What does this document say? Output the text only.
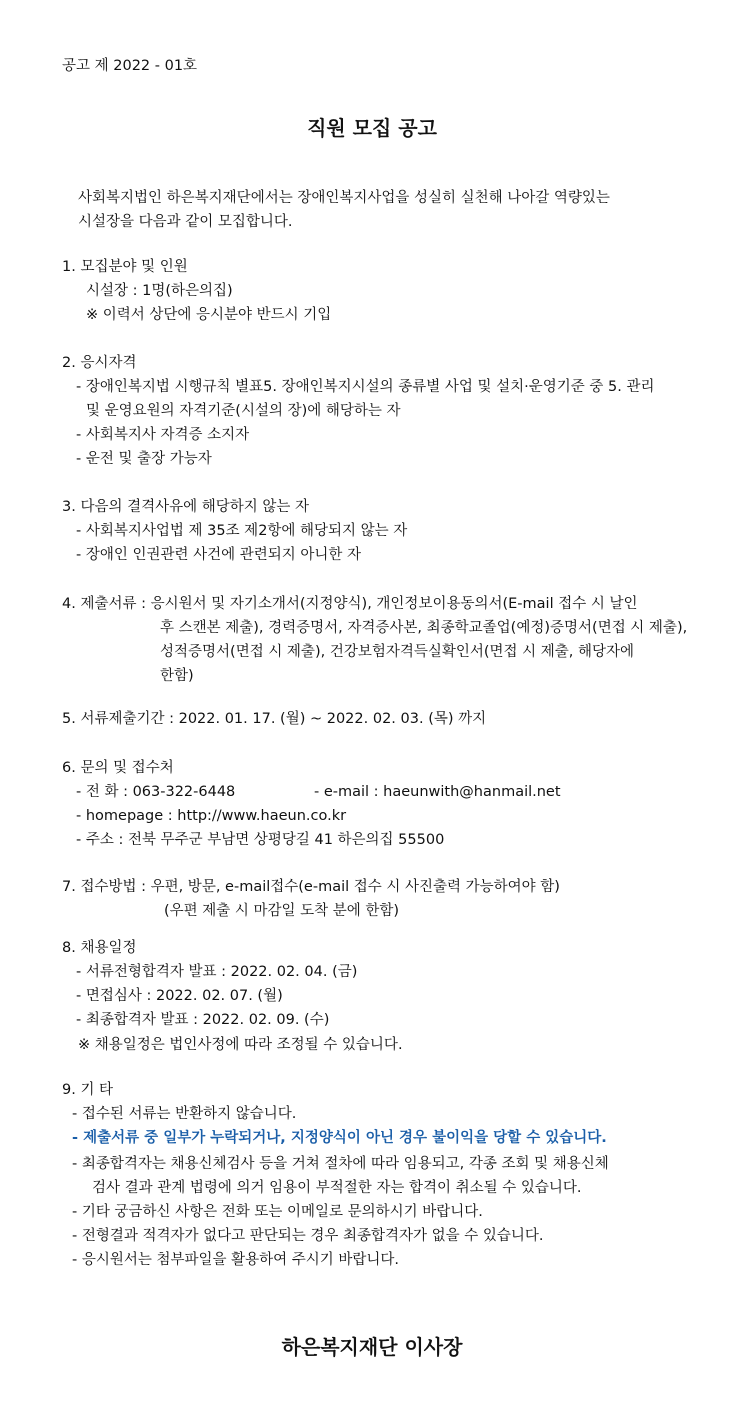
공고 제 2022 - 01호
직원 모집 공고
사회복지법인 하은복지재단에서는 장애인복지사업을 성실히 실천해 나아갈 역량있는
시설장을 다음과 같이 모집합니다.
1. 모집분야 및 인원
시설장 : 1명(하은의집)
※ 이력서 상단에 응시분야 반드시 기입
2. 응시자격
- 장애인복지법 시행규칙 별표5. 장애인복지시설의 종류별 사업 및 설치·운영기준 중 5. 관리
및 운영요원의 자격기준(시설의 장)에 해당하는 자
- 사회복지사 자격증 소지자
- 운전 및 출장 가능자
3. 다음의 결격사유에 해당하지 않는 자
- 사회복지사업법 제 35조 제2항에 해당되지 않는 자
- 장애인 인권관련 사건에 관련되지 아니한 자
4. 제출서류 : 응시원서 및 자기소개서(지정양식), 개인정보이용동의서(E-mail 접수 시 날인
후 스캔본 제출), 경력증명서, 자격증사본, 최종학교졸업(예정)증명서(면접 시 제출),
성적증명서(면접 시 제출), 건강보험자격득실확인서(면접 시 제출, 해당자에
한함)
5. 서류제출기간 : 2022. 01. 17. (월) ~ 2022. 02. 03. (목) 까지
6. 문의 및 접수처
- 전 화 : 063-322-6448	- e-mail : haeunwith@hanmail.net
- homepage : http://www.haeun.co.kr
- 주소 : 전북 무주군 부남면 상평당길 41 하은의집 55500
7. 접수방법 : 우편, 방문, e-mail접수(e-mail 접수 시 사진출력 가능하여야 함)
(우편 제출 시 마감일 도착 분에 한함)
8. 채용일정
- 서류전형합격자 발표 : 2022. 02. 04. (금)
- 면접심사 : 2022. 02. 07. (월)
- 최종합격자 발표 : 2022. 02. 09. (수)
※ 채용일정은 법인사정에 따라 조정될 수 있습니다.
9. 기 타
- 접수된 서류는 반환하지 않습니다.
- 제출서류 중 일부가 누락되거나, 지정양식이 아닌 경우 불이익을 당할 수 있습니다.
- 최종합격자는 채용신체검사 등을 거쳐 절차에 따라 임용되고, 각종 조회 및 채용신체
검사 결과 관계 법령에 의거 임용이 부적절한 자는 합격이 취소될 수 있습니다.
- 기타 궁금하신 사항은 전화 또는 이메일로 문의하시기 바랍니다.
- 전형결과 적격자가 없다고 판단되는 경우 최종합격자가 없을 수 있습니다.
- 응시원서는 첨부파일을 활용하여 주시기 바랍니다.
하은복지재단 이사장
